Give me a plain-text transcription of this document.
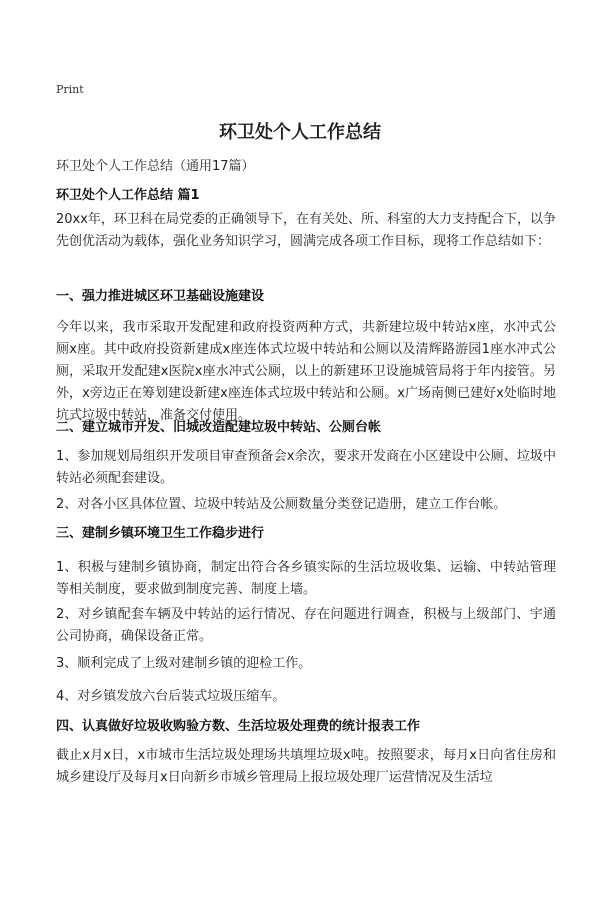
Print
环卫处个人工作总结
环卫处个人工作总结（通用17篇）
环卫处个人工作总结 篇1
20xx年，环卫科在局党委的正确领导下，在有关处、所、科室的大力支持配合下，以争先创优活动为载体，强化业务知识学习，圆满完成各项工作目标，现将工作总结如下：
一、强力推进城区环卫基础设施建设
今年以来，我市采取开发配建和政府投资两种方式，共新建垃圾中转站x座，水冲式公厕x座。其中政府投资新建成x座连体式垃圾中转站和公厕以及清辉路游园1座水冲式公厕，采取开发配建x医院x座水冲式公厕，以上的新建环卫设施城管局将于年内接管。另外，x旁边正在筹划建设新建x座连体式垃圾中转站和公厕。x广场南侧已建好x处临时地坑式垃圾中转站，准备交付使用。
二、建立城市开发、旧城改造配建垃圾中转站、公厕台帐
1、参加规划局组织开发项目审查预备会x余次，要求开发商在小区建设中公厕、垃圾中转站必须配套建设。
2、对各小区具体位置、垃圾中转站及公厕数量分类登记造册，建立工作台帐。
三、建制乡镇环境卫生工作稳步进行
1、积极与建制乡镇协商，制定出符合各乡镇实际的生活垃圾收集、运输、中转站管理等相关制度，要求做到制度完善、制度上墙。
2、对乡镇配套车辆及中转站的运行情况、存在问题进行调查，积极与上级部门、宇通公司协商，确保设备正常。
3、顺利完成了上级对建制乡镇的迎检工作。
4、对乡镇发放六台后装式垃圾压缩车。
四、认真做好垃圾收购验方数、生活垃圾处理费的统计报表工作
截止x月x日，x市城市生活垃圾处理场共填埋垃圾x吨。按照要求，每月x日向省住房和城乡建设厅及每月x日向新乡市城乡管理局上报垃圾处理厂运营情况及生活垃
